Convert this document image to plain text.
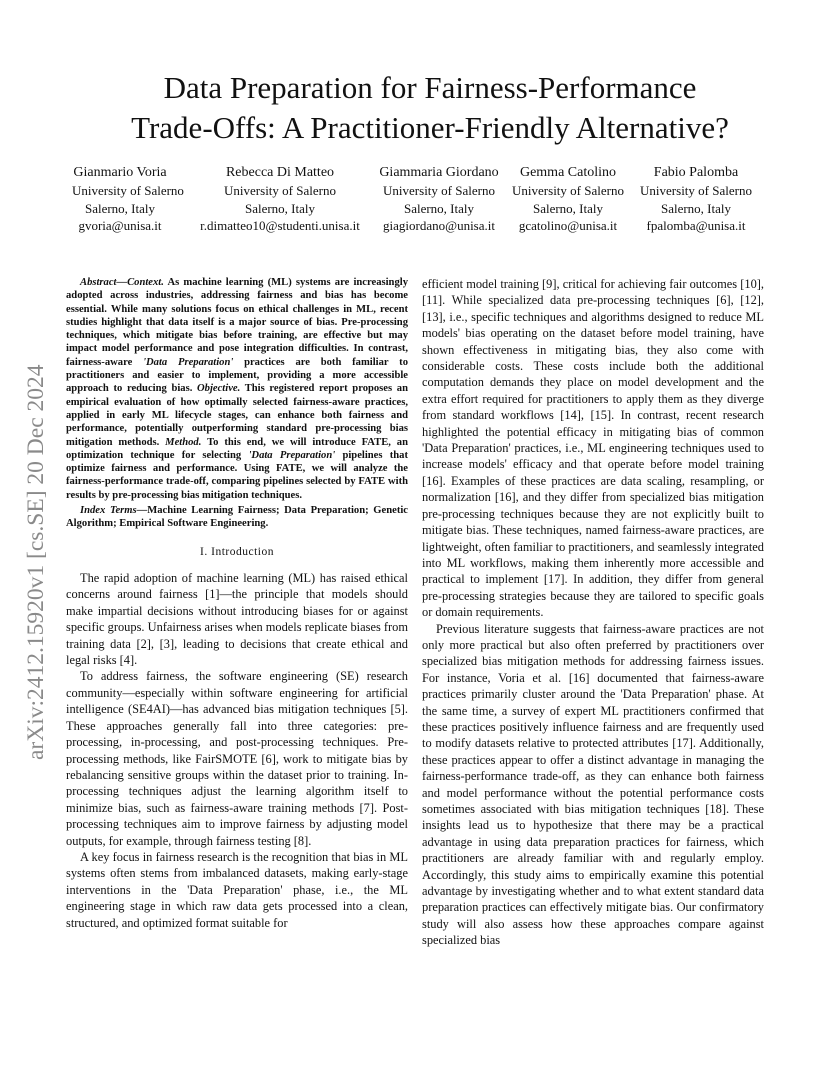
arXiv:2412.15920v1 [cs.SE] 20 Dec 2024
Data Preparation for Fairness-Performance
Trade-Offs: A Practitioner-Friendly Alternative?
Gianmario Voria
University of Salerno
Salerno, Italy
gvoria@unisa.it
Rebecca Di Matteo
University of Salerno
Salerno, Italy
r.dimatteo10@studenti.unisa.it
Giammaria Giordano
University of Salerno
Salerno, Italy
giagiordano@unisa.it
Gemma Catolino
University of Salerno
Salerno, Italy
gcatolino@unisa.it
Fabio Palomba
University of Salerno
Salerno, Italy
fpalomba@unisa.it

Abstract—Context. As machine learning (ML) systems are increasingly adopted across industries, addressing fairness and bias has become essential. While many solutions focus on ethical challenges in ML, recent studies highlight that data itself is a major source of bias. Pre-processing techniques, which mitigate bias before training, are effective but may impact model performance and pose integration difficulties. In contrast, fairness-aware 'Data Preparation' practices are both familiar to practitioners and easier to implement, providing a more accessible approach to reducing bias. Objective. This registered report proposes an empirical evaluation of how optimally selected fairness-aware practices, applied in early ML lifecycle stages, can enhance both fairness and performance, potentially outperforming standard pre-processing bias mitigation methods. Method. To this end, we will introduce FATE, an optimization technique for selecting 'Data Preparation' pipelines that optimize fairness and performance. Using FATE, we will analyze the fairness-performance trade-off, comparing pipelines selected by FATE with results by pre-processing bias mitigation techniques.

Index Terms—Machine Learning Fairness; Data Preparation; Genetic Algorithm; Empirical Software Engineering.

I. Introduction

The rapid adoption of machine learning (ML) has raised ethical concerns around fairness [1]—the principle that models should make impartial decisions without introducing biases for or against specific groups. Unfairness arises when models replicate biases from training data [2], [3], leading to decisions that create ethical and legal risks [4].

To address fairness, the software engineering (SE) research community—especially within software engineering for artificial intelligence (SE4AI)—has advanced bias mitigation techniques [5]. These approaches generally fall into three categories: pre-processing, in-processing, and post-processing techniques. Pre-processing methods, like FairSMOTE [6], work to mitigate bias by rebalancing sensitive groups within the dataset prior to training. In-processing techniques adjust the learning algorithm itself to minimize bias, such as fairness-aware training methods [7]. Post-processing techniques aim to improve fairness by adjusting model outputs, for example, through fairness testing [8].

A key focus in fairness research is the recognition that bias in ML systems often stems from imbalanced datasets, making early-stage interventions in the 'Data Preparation' phase, i.e., the ML engineering stage in which raw data gets processed into a clean, structured, and optimized format suitable for

efficient model training [9], critical for achieving fair outcomes [10], [11]. While specialized data pre-processing techniques [6], [12], [13], i.e., specific techniques and algorithms designed to reduce ML models' bias operating on the dataset before model training, have shown effectiveness in mitigating bias, they also come with considerable costs. These costs include both the additional computation demands they place on model development and the extra effort required for practitioners to apply them as they diverge from standard workflows [14], [15]. In contrast, recent research highlighted the potential efficacy in mitigating bias of common 'Data Preparation' practices, i.e., ML engineering techniques used to increase models' efficacy and that operate before model training [16]. Examples of these practices are data scaling, resampling, or normalization [16], and they differ from specialized bias mitigation pre-processing techniques because they are not explicitly built to mitigate bias. These techniques, named fairness-aware practices, are lightweight, often familiar to practitioners, and seamlessly integrated into ML workflows, making them inherently more accessible and practical to implement [17]. In addition, they differ from general pre-processing strategies because they are tailored to specific goals or domain requirements.

Previous literature suggests that fairness-aware practices are not only more practical but also often preferred by practitioners over specialized bias mitigation methods for addressing fairness issues. For instance, Voria et al. [16] documented that fairness-aware practices primarily cluster around the 'Data Preparation' phase. At the same time, a survey of expert ML practitioners confirmed that these practices positively influence fairness and are frequently used to modify datasets relative to protected attributes [17]. Additionally, these practices appear to offer a distinct advantage in managing the fairness-performance trade-off, as they can enhance both fairness and model performance without the potential performance costs sometimes associated with bias mitigation techniques [18]. These insights lead us to hypothesize that there may be a practical advantage in using data preparation practices for fairness, which practitioners are already familiar with and regularly employ. Accordingly, this study aims to empirically examine this potential advantage by investigating whether and to what extent standard data preparation practices can effectively mitigate bias. Our confirmatory study will also assess how these approaches compare against specialized bias
